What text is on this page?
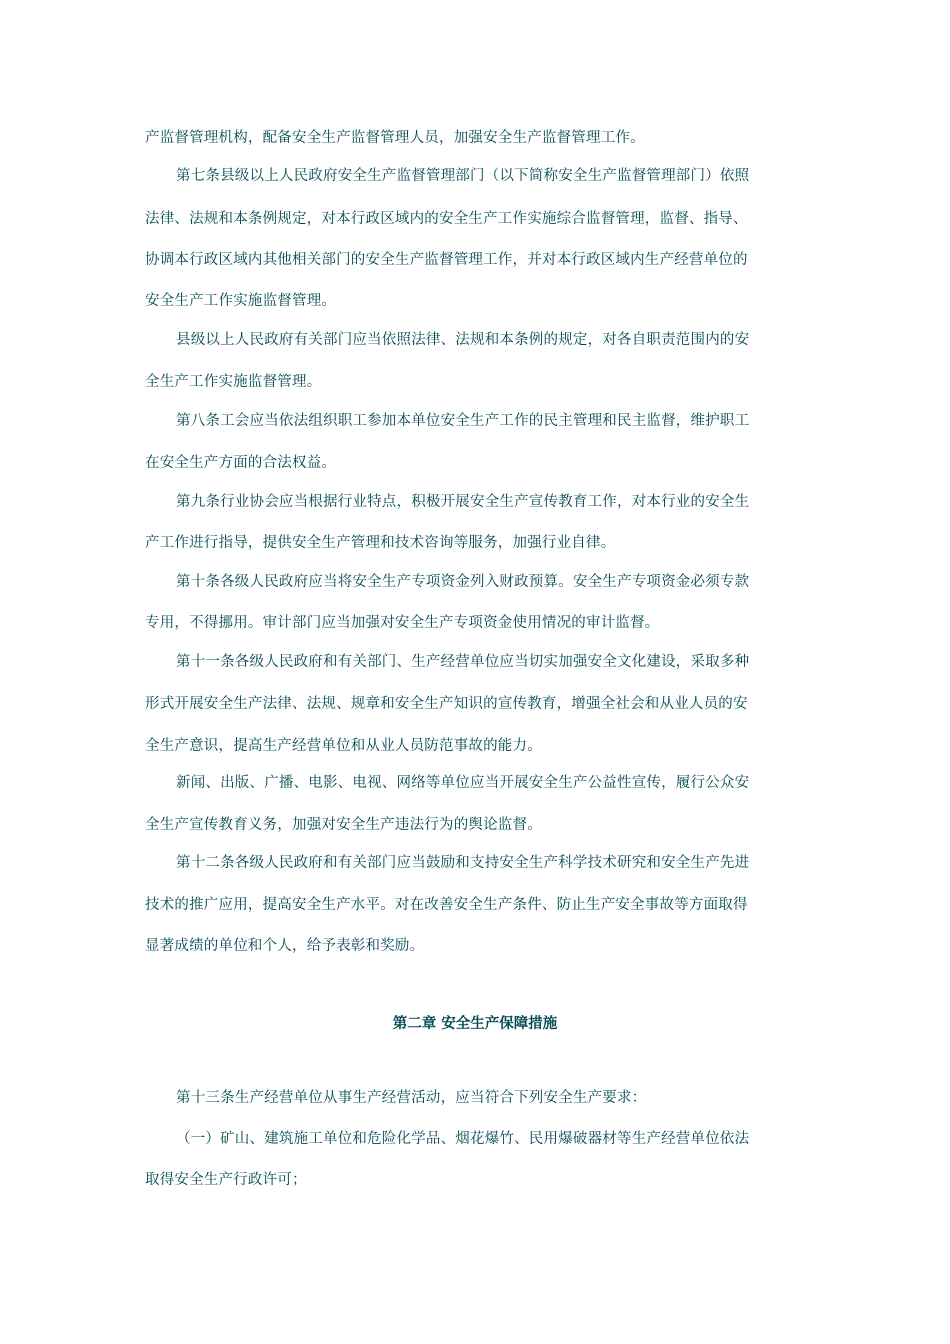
产监督管理机构，配备安全生产监督管理人员，加强安全生产监督管理工作。
第七条县级以上人民政府安全生产监督管理部门（以下简称安全生产监督管理部门）依照
法律、法规和本条例规定，对本行政区域内的安全生产工作实施综合监督管理，监督、指导、
协调本行政区域内其他相关部门的安全生产监督管理工作，并对本行政区域内生产经营单位的
安全生产工作实施监督管理。
县级以上人民政府有关部门应当依照法律、法规和本条例的规定，对各自职责范围内的安
全生产工作实施监督管理。
第八条工会应当依法组织职工参加本单位安全生产工作的民主管理和民主监督，维护职工
在安全生产方面的合法权益。
第九条行业协会应当根据行业特点，积极开展安全生产宣传教育工作，对本行业的安全生
产工作进行指导，提供安全生产管理和技术咨询等服务，加强行业自律。
第十条各级人民政府应当将安全生产专项资金列入财政预算。安全生产专项资金必须专款
专用，不得挪用。审计部门应当加强对安全生产专项资金使用情况的审计监督。
第十一条各级人民政府和有关部门、生产经营单位应当切实加强安全文化建设，采取多种
形式开展安全生产法律、法规、规章和安全生产知识的宣传教育，增强全社会和从业人员的安
全生产意识，提高生产经营单位和从业人员防范事故的能力。
新闻、出版、广播、电影、电视、网络等单位应当开展安全生产公益性宣传，履行公众安
全生产宣传教育义务，加强对安全生产违法行为的舆论监督。
第十二条各级人民政府和有关部门应当鼓励和支持安全生产科学技术研究和安全生产先进
技术的推广应用，提高安全生产水平。对在改善安全生产条件、防止生产安全事故等方面取得
显著成绩的单位和个人，给予表彰和奖励。
第二章 安全生产保障措施
第十三条生产经营单位从事生产经营活动，应当符合下列安全生产要求：
（一）矿山、建筑施工单位和危险化学品、烟花爆竹、民用爆破器材等生产经营单位依法
取得安全生产行政许可；
